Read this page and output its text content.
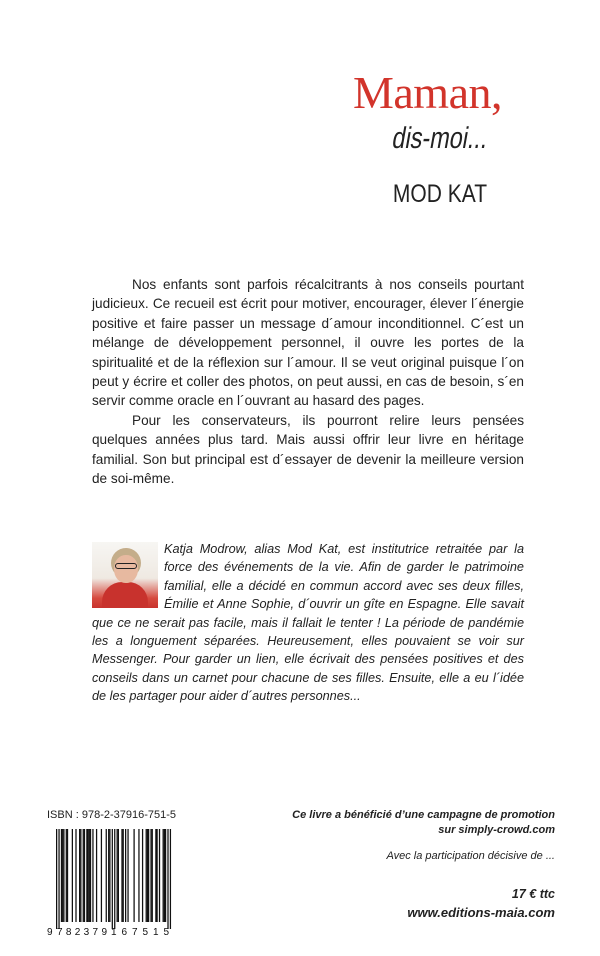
Maman,
dis-moi...
MOD KAT

Nos enfants sont parfois récalcitrants à nos conseils pourtant judicieux. Ce recueil est écrit pour motiver, encourager, élever l´énergie positive et faire passer un message d´amour inconditionnel. C´est un mélange de développement personnel, il ouvre les portes de la spiritualité et de la réflexion sur l´amour. Il se veut original puisque l´on peut y écrire et coller des photos, on peut aussi, en cas de besoin, s´en servir comme oracle en l´ouvrant au hasard des pages.

Pour les conservateurs, ils pourront relire leurs pensées quelques années plus tard. Mais aussi offrir leur livre en héritage familial. Son but principal est d´essayer de devenir la meilleure version de soi-même.

Katja Modrow, alias Mod Kat, est institutrice retraitée par la force des événements de la vie. Afin de garder le patrimoine familial, elle a décidé en commun accord avec ses deux filles, Émilie et Anne Sophie, d´ouvrir un gîte en Espagne. Elle savait que ce ne serait pas facile, mais il fallait le tenter ! La période de pandémie les a longuement séparées. Heureusement, elles pouvaient se voir sur Messenger. Pour garder un lien, elle écrivait des pensées positives et des conseils dans un carnet pour chacune de ses filles. Ensuite, elle a eu l´idée de les partager pour aider d´autres personnes...
ISBN : 978-2-37916-751-5
9 782379 167515
Ce livre a bénéficié d’une campagne de promotion
sur simply-crowd.com
Avec la participation décisive de ...
17 € ttc
www.editions-maia.com
